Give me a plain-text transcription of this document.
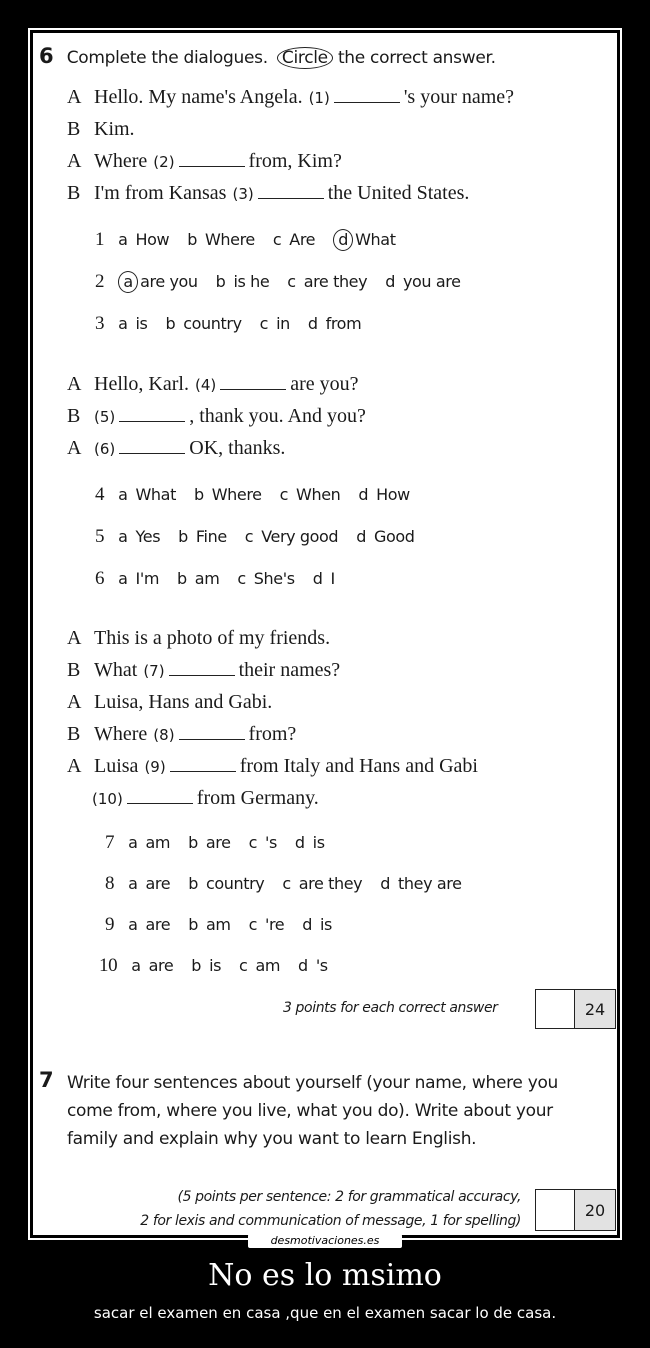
6 Complete the dialogues. Circle the correct answer.
A Hello. My name's Angela. (1)	's your name?
B Kim.
A Where (2)	from, Kim?
B I'm from Kansas (3)	the United States.
1 a How b Where c Are d What
2 a are you b is he c are they d you are
3 a is b country c in d from
A Hello, Karl. (4)	are you?
B (5)	, thank you. And you?
A (6)	OK, thanks.
4 a What b Where c When d How
5 a Yes b Fine c Very good d Good
6 a I'm b am c She's d I
A This is a photo of my friends.
B What (7)	their names?
A Luisa, Hans and Gabi.
B Where (8)	from?
A Luisa (9)	from Italy and Hans and Gabi
(10)	from Germany.
7 a am b are c 's d is
8 a are b country c are they d they are
9 a are b am c 're d is
10 a are b is c am d 's
3 points for each correct answer	24
7 Write four sentences about yourself (your name, where you
come from, where you live, what you do). Write about your
family and explain why you want to learn English.
(5 points per sentence: 2 for grammatical accuracy,
2 for lexis and communication of message, 1 for spelling)
20
desmotivaciones.es
No es lo msimo
sacar el examen en casa ,que en el examen sacar lo de casa.
